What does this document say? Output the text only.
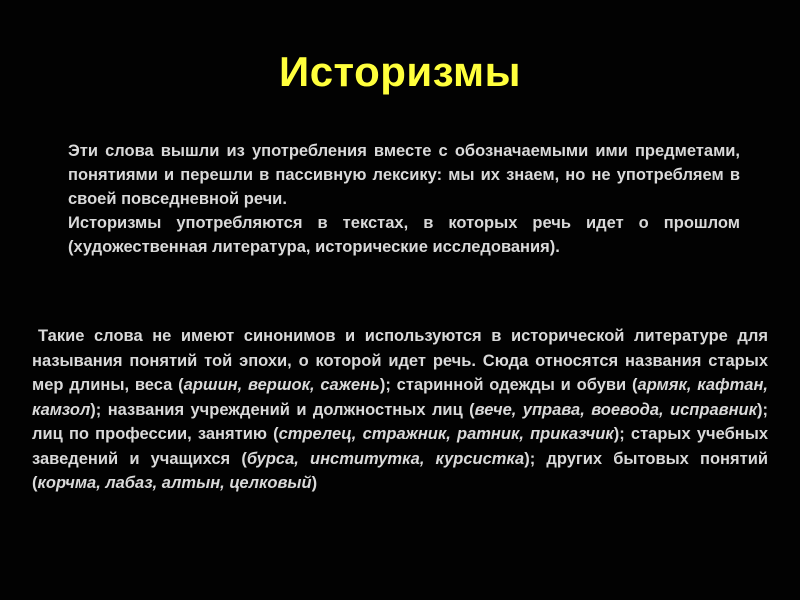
Историзмы

Эти слова вышли из употребления вместе с обозначаемыми ими предметами, понятиями и перешли в пассивную лексику: мы их знаем, но не употребляем в своей повседневной речи.

Историзмы употребляются в текстах, в которых речь идет о прошлом (художественная литература, исторические исследования).

Такие слова не имеют синонимов и используются в исторической литературе для называния понятий той эпохи, о которой идет речь. Сюда относятся названия старых мер длины, веса (аршин, вершок, сажень); старинной одежды и обуви (армяк, кафтан, камзол); названия учреждений и должностных лиц (вече, управа, воевода, исправник); лиц по профессии, занятию (стрелец, стражник, ратник, приказчик); старых учебных заведений и учащихся (бурса, институтка, курсистка); других бытовых понятий (корчма, лабаз, алтын, целковый)
